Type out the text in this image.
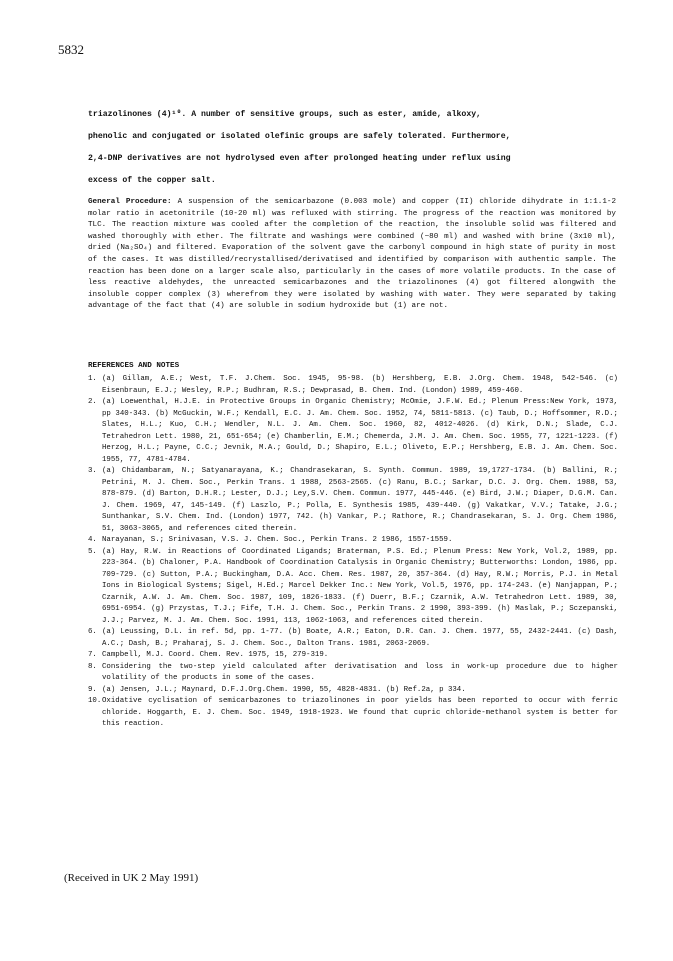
5832

triazolinones (4)¹⁰. A number of sensitive groups, such as ester, amide, alkoxy,

phenolic and conjugated or isolated olefinic groups are safely tolerated. Furthermore,

2,4-DNP derivatives are not hydrolysed even after prolonged heating under reflux using

excess of the copper salt.

General Procedure: A suspension of the semicarbazone (0.003 mole) and copper (II) chloride dihydrate in 1:1.1-2 molar ratio in acetonitrile (10-20 ml) was refluxed with stirring. The progress of the reaction was monitored by TLC. The reaction mixture was cooled after the completion of the reaction, the insoluble solid was filtered and washed thoroughly with ether. The filtrate and washings were combined (~80 ml) and washed with brine (3x10 ml), dried (Na₂SO₄) and filtered. Evaporation of the solvent gave the carbonyl compound in high state of purity in most of the cases. It was distilled/recrystallised/derivatised and identified by comparison with authentic sample. The reaction has been done on a larger scale also, particularly in the cases of more volatile products. In the case of less reactive aldehydes, the unreacted semicarbazones and the triazolinones (4) got filtered alongwith the insoluble copper complex (3) wherefrom they were isolated by washing with water. They were separated by taking advantage of the fact that (4) are soluble in sodium hydroxide but (1) are not.
REFERENCES AND NOTES
1. (a) Gillam, A.E.; West, T.F. J.Chem. Soc. 1945, 95-98. (b) Hershberg, E.B. J.Org. Chem. 1948, 542-546. (c) Eisenbraun, E.J.; Wesley, R.P.; Budhram, R.S.; Dewprasad, B. Chem. Ind. (London) 1989, 459-460.
2. (a) Loewenthal, H.J.E. in Protective Groups in Organic Chemistry; McOmie, J.F.W. Ed.; Plenum Press:New York, 1973, pp 340-343. (b) McGuckin, W.F.; Kendall, E.C. J. Am. Chem. Soc. 1952, 74, 5811-5813. (c) Taub, D.; Hoffsommer, R.D.; Slates, H.L.; Kuo, C.H.; Wendler, N.L. J. Am. Chem. Soc. 1960, 82, 4012-4026. (d) Kirk, D.N.; Slade, C.J. Tetrahedron Lett. 1980, 21, 651-654; (e) Chamberlin, E.M.; Chemerda, J.M. J. Am. Chem. Soc. 1955, 77, 1221-1223. (f) Herzog, H.L.; Payne, C.C.; Jevnik, M.A.; Gould, D.; Shapiro, E.L.; Oliveto, E.P.; Hershberg, E.B. J. Am. Chem. Soc. 1955, 77, 4781-4784.
3. (a) Chidambaram, N.; Satyanarayana, K.; Chandrasekaran, S. Synth. Commun. 1989, 19,1727-1734. (b) Ballini, R.; Petrini, M. J. Chem. Soc., Perkin Trans. 1 1988, 2563-2565. (c) Ranu, B.C.; Sarkar, D.C. J. Org. Chem. 1988, 53, 878-879. (d) Barton, D.H.R.; Lester, D.J.; Ley,S.V. Chem. Commun. 1977, 445-446. (e) Bird, J.W.; Diaper, D.G.M. Can. J. Chem. 1969, 47, 145-149. (f) Laszlo, P.; Polla, E. Synthesis 1985, 439-440. (g) Vakatkar, V.V.; Tatake, J.G.; Sunthankar, S.V. Chem. Ind. (London) 1977, 742. (h) Vankar, P.; Rathore, R.; Chandrasekaran, S. J. Org. Chem 1986, 51, 3063-3065, and references cited therein.
4. Narayanan, S.; Srinivasan, V.S. J. Chem. Soc., Perkin Trans. 2 1986, 1557-1559.
5. (a) Hay, R.W. in Reactions of Coordinated Ligands; Braterman, P.S. Ed.; Plenum Press: New York, Vol.2, 1989, pp. 223-364. (b) Chaloner, P.A. Handbook of Coordination Catalysis in Organic Chemistry; Butterworths: London, 1986, pp. 709-729. (c) Sutton, P.A.; Buckingham, D.A. Acc. Chem. Res. 1987, 20, 357-364. (d) Hay, R.W.; Morris, P.J. in Metal Ions in Biological Systems; Sigel, H.Ed.; Marcel Dekker Inc.: New York, Vol.5, 1976, pp. 174-243. (e) Nanjappan, P.; Czarnik, A.W. J. Am. Chem. Soc. 1987, 109, 1826-1833. (f) Duerr, B.F.; Czarnik, A.W. Tetrahedron Lett. 1989, 30, 6951-6954. (g) Przystas, T.J.; Fife, T.H. J. Chem. Soc., Perkin Trans. 2 1990, 393-399. (h) Maslak, P.; Sczepanski, J.J.; Parvez, M. J. Am. Chem. Soc. 1991, 113, 1062-1063, and references cited therein.
6. (a) Leussing, D.L. in ref. 5d, pp. 1-77. (b) Boate, A.R.; Eaton, D.R. Can. J. Chem. 1977, 55, 2432-2441. (c) Dash, A.C.; Dash, B.; Praharaj, S. J. Chem. Soc., Dalton Trans. 1981, 2063-2069.
7. Campbell, M.J. Coord. Chem. Rev. 1975, 15, 279-319.
8. Considering the two-step yield calculated after derivatisation and loss in work-up procedure due to higher volatility of the products in some of the cases.
9. (a) Jensen, J.L.; Maynard, D.F.J.Org.Chem. 1990, 55, 4828-4831. (b) Ref.2a, p 334.
10. Oxidative cyclisation of semicarbazones to triazolinones in poor yields has been reported to occur with ferric chloride. Hoggarth, E. J. Chem. Soc. 1949, 1918-1923. We found that cupric chloride-methanol system is better for this reaction.
(Received in UK 2 May 1991)
